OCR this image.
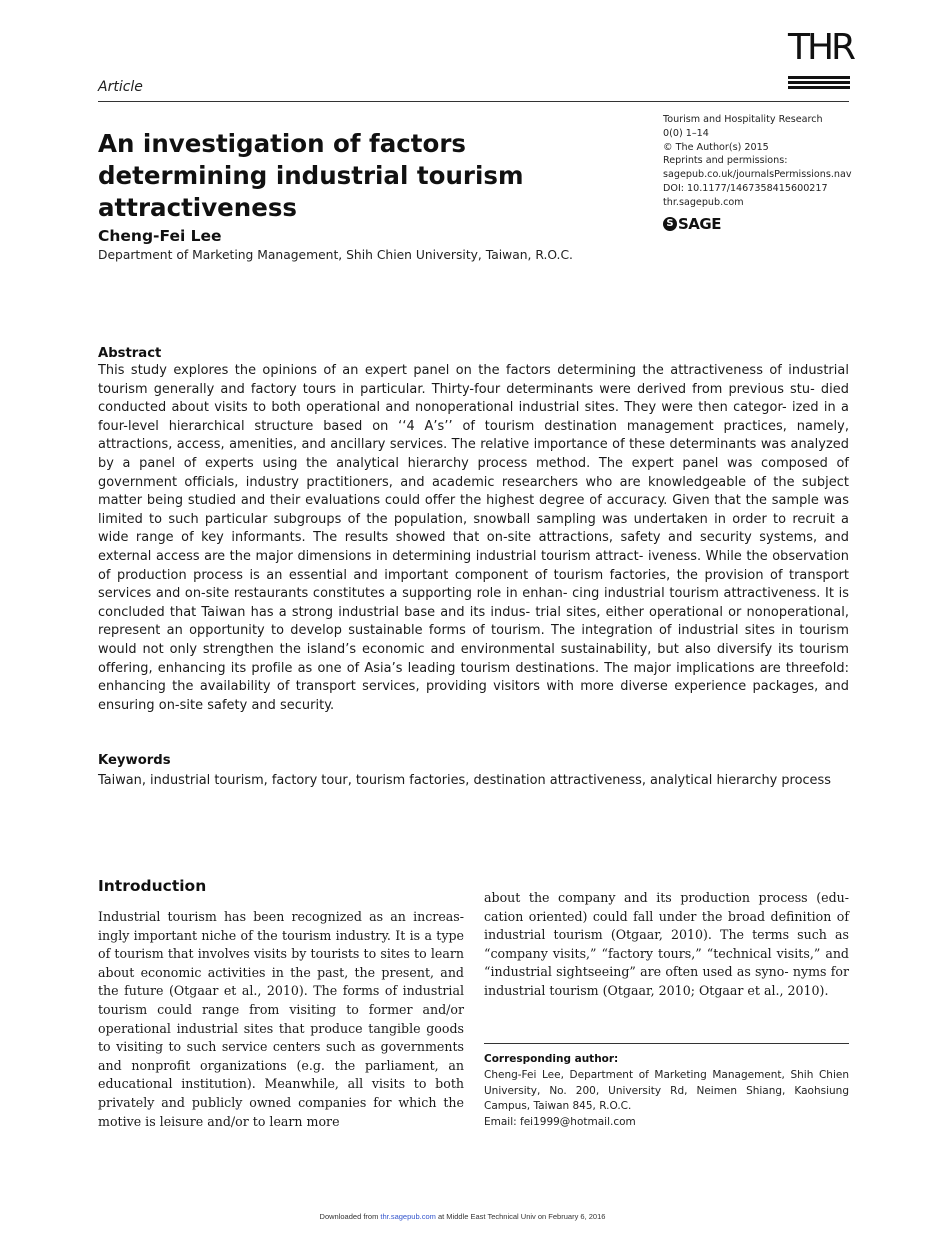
Article
THR
An investigation of factors determining industrial tourism attractiveness
Cheng-Fei Lee
Department of Marketing Management, Shih Chien University, Taiwan, R.O.C.
Tourism and Hospitality Research
0(0) 1–14
© The Author(s) 2015
Reprints and permissions:
sagepub.co.uk/journalsPermissions.nav
DOI: 10.1177/1467358415600217
thr.sagepub.com
S SAGE
Abstract
This study explores the opinions of an expert panel on the factors determining the attractiveness of industrial tourism generally and factory tours in particular. Thirty-four determinants were derived from previous stu- died conducted about visits to both operational and nonoperational industrial sites. They were then categor- ized in a four-level hierarchical structure based on ‘‘4 A’s’’ of tourism destination management practices, namely, attractions, access, amenities, and ancillary services. The relative importance of these determinants was analyzed by a panel of experts using the analytical hierarchy process method. The expert panel was composed of government officials, industry practitioners, and academic researchers who are knowledgeable of the subject matter being studied and their evaluations could offer the highest degree of accuracy. Given that the sample was limited to such particular subgroups of the population, snowball sampling was undertaken in order to recruit a wide range of key informants. The results showed that on-site attractions, safety and security systems, and external access are the major dimensions in determining industrial tourism attract- iveness. While the observation of production process is an essential and important component of tourism factories, the provision of transport services and on-site restaurants constitutes a supporting role in enhan- cing industrial tourism attractiveness. It is concluded that Taiwan has a strong industrial base and its indus- trial sites, either operational or nonoperational, represent an opportunity to develop sustainable forms of tourism. The integration of industrial sites in tourism would not only strengthen the island’s economic and environmental sustainability, but also diversify its tourism offering, enhancing its profile as one of Asia’s leading tourism destinations. The major implications are threefold: enhancing the availability of transport services, providing visitors with more diverse experience packages, and ensuring on-site safety and security.
Keywords
Taiwan, industrial tourism, factory tour, tourism factories, destination attractiveness, analytical hierarchy process
Introduction
Industrial tourism has been recognized as an increas- ingly important niche of the tourism industry. It is a type of tourism that involves visits by tourists to sites to learn about economic activities in the past, the present, and the future (Otgaar et al., 2010). The forms of industrial tourism could range from visiting to former and/or operational industrial sites that produce tangible goods to visiting to such service centers such as governments and nonprofit organizations (e.g. the parliament, an educational institution). Meanwhile, all visits to both privately and publicly owned companies for which the motive is leisure and/or to learn more
about the company and its production process (edu- cation oriented) could fall under the broad definition of industrial tourism (Otgaar, 2010). The terms such as “company visits,” “factory tours,” “technical visits,” and “industrial sightseeing” are often used as syno- nyms for industrial tourism (Otgaar, 2010; Otgaar et al., 2010).
Corresponding author:
Cheng-Fei Lee, Department of Marketing Management, Shih Chien University, No. 200, University Rd, Neimen Shiang, Kaohsiung Campus, Taiwan 845, R.O.C.
Email: fei1999@hotmail.com
Downloaded from thr.sagepub.com at Middle East Technical Univ on February 6, 2016
